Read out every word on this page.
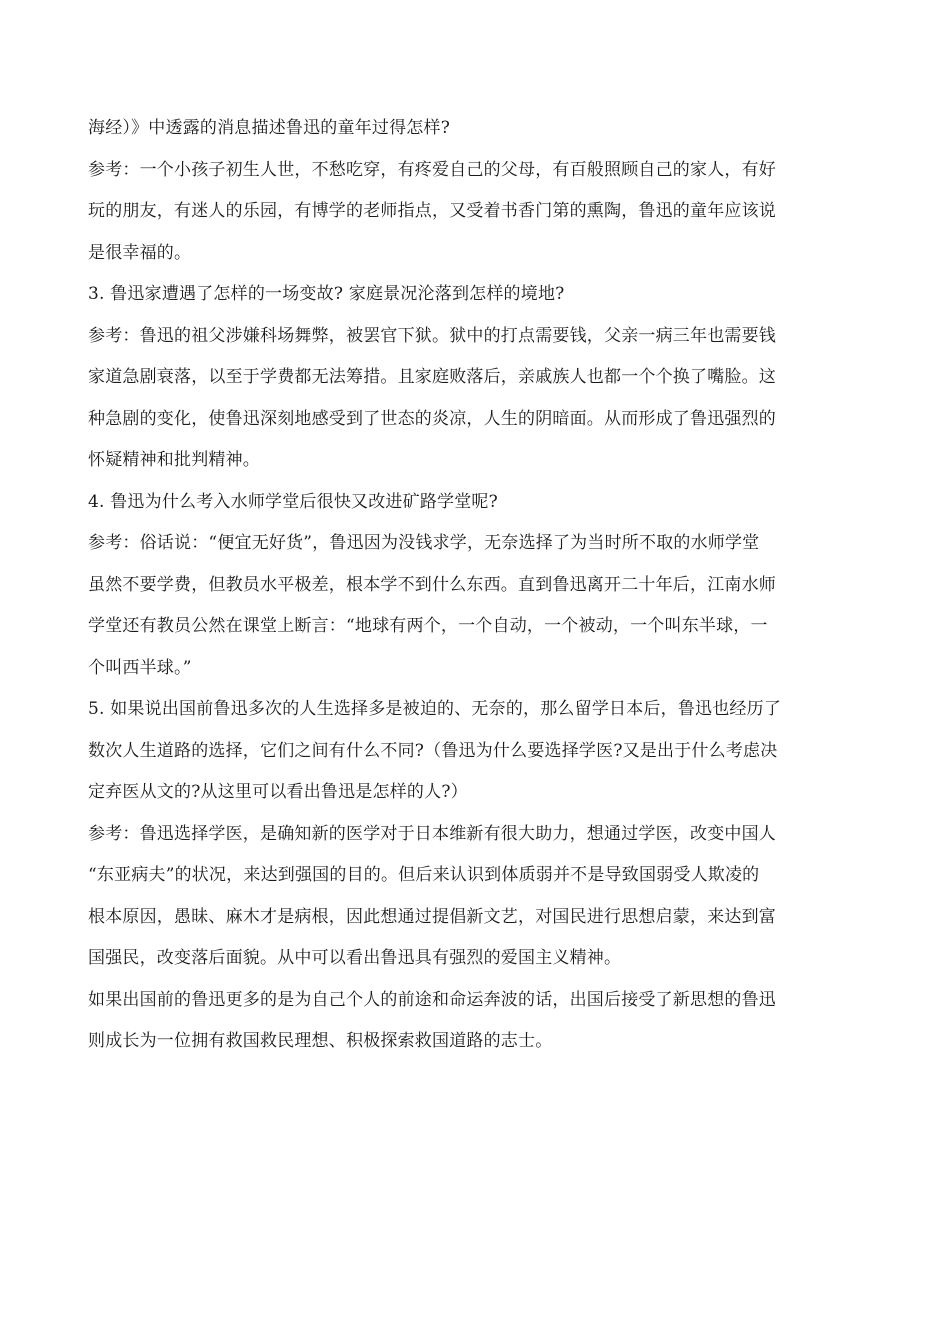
海经）》中透露的消息描述鲁迅的童年过得怎样?
参考：一个小孩子初生人世，不愁吃穿，有疼爱自己的父母，有百般照顾自己的家人，有好
玩的朋友，有迷人的乐园，有博学的老师指点，又受着书香门第的熏陶，鲁迅的童年应该说
是很幸福的。
3. 鲁迅家遭遇了怎样的一场变故? 家庭景况沦落到怎样的境地?
参考：鲁迅的祖父涉嫌科场舞弊，被罢官下狱。狱中的打点需要钱，父亲一病三年也需要钱
家道急剧衰落，以至于学费都无法筹措。且家庭败落后，亲戚族人也都一个个换了嘴脸。这
种急剧的变化，使鲁迅深刻地感受到了世态的炎凉，人生的阴暗面。从而形成了鲁迅强烈的
怀疑精神和批判精神。
4. 鲁迅为什么考入水师学堂后很快又改进矿路学堂呢?
参考：俗话说：“便宜无好货”，鲁迅因为没钱求学，无奈选择了为当时所不取的水师学堂
虽然不要学费，但教员水平极差，根本学不到什么东西。直到鲁迅离开二十年后，江南水师
学堂还有教员公然在课堂上断言：“地球有两个，一个自动，一个被动，一个叫东半球，一
个叫西半球。”
5. 如果说出国前鲁迅多次的人生选择多是被迫的、无奈的，那么留学日本后，鲁迅也经历了
数次人生道路的选择，它们之间有什么不同?（鲁迅为什么要选择学医?又是出于什么考虑决
定弃医从文的?从这里可以看出鲁迅是怎样的人?）
参考：鲁迅选择学医，是确知新的医学对于日本维新有很大助力，想通过学医，改变中国人
“东亚病夫”的状况，来达到强国的目的。但后来认识到体质弱并不是导致国弱受人欺凌的
根本原因，愚昧、麻木才是病根，因此想通过提倡新文艺，对国民进行思想启蒙，来达到富
国强民，改变落后面貌。从中可以看出鲁迅具有强烈的爱国主义精神。
如果出国前的鲁迅更多的是为自己个人的前途和命运奔波的话，出国后接受了新思想的鲁迅
则成长为一位拥有救国救民理想、积极探索救国道路的志士。
